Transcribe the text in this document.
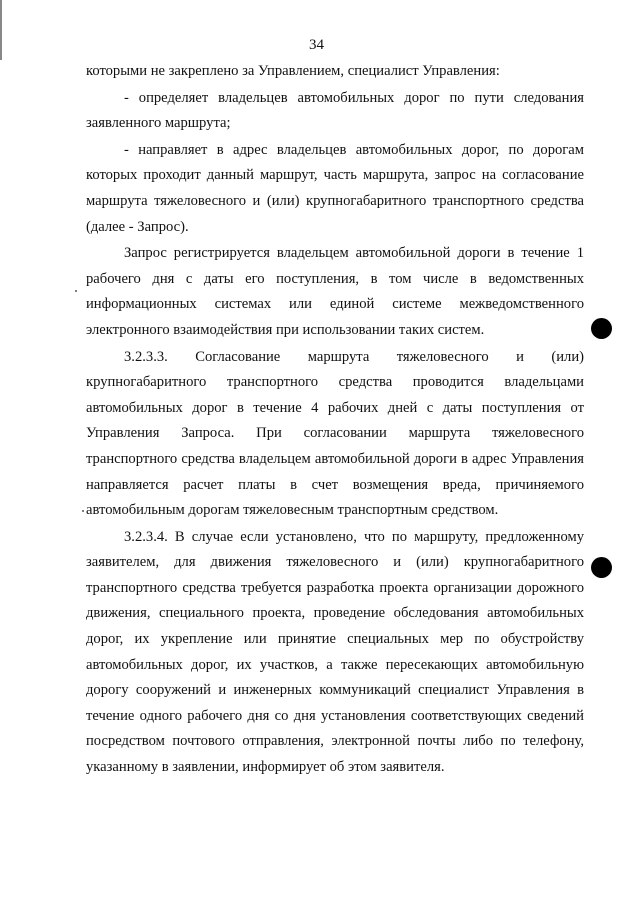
34

которыми не закреплено за Управлением, специалист Управления:

- определяет владельцев автомобильных дорог по пути следования заявленного маршрута;

- направляет в адрес владельцев автомобильных дорог, по дорогам которых проходит данный маршрут, часть маршрута, запрос на согласование маршрута тяжеловесного и (или) крупногабаритного транспортного средства (далее - Запрос).

Запрос регистрируется владельцем автомобильной дороги в течение 1 рабочего дня с даты его поступления, в том числе в ведомственных информационных системах или единой системе межведомственного электронного взаимодействия при использовании таких систем.

3.2.3.3. Согласование маршрута тяжеловесного и (или) крупногабаритного транспортного средства проводится владельцами автомобильных дорог в течение 4 рабочих дней с даты поступления от Управления Запроса. При согласовании маршрута тяжеловесного транспортного средства владельцем автомобильной дороги в адрес Управления направляется расчет платы в счет возмещения вреда, причиняемого автомобильным дорогам тяжеловесным транспортным средством.

3.2.3.4. В случае если установлено, что по маршруту, предложенному заявителем, для движения тяжеловесного и (или) крупногабаритного транспортного средства требуется разработка проекта организации дорожного движения, специального проекта, проведение обследования автомобильных дорог, их укрепление или принятие специальных мер по обустройству автомобильных дорог, их участков, а также пересекающих автомобильную дорогу сооружений и инженерных коммуникаций специалист Управления в течение одного рабочего дня со дня установления соответствующих сведений посредством почтового отправления, электронной почты либо по телефону, указанному в заявлении, информирует об этом заявителя.
